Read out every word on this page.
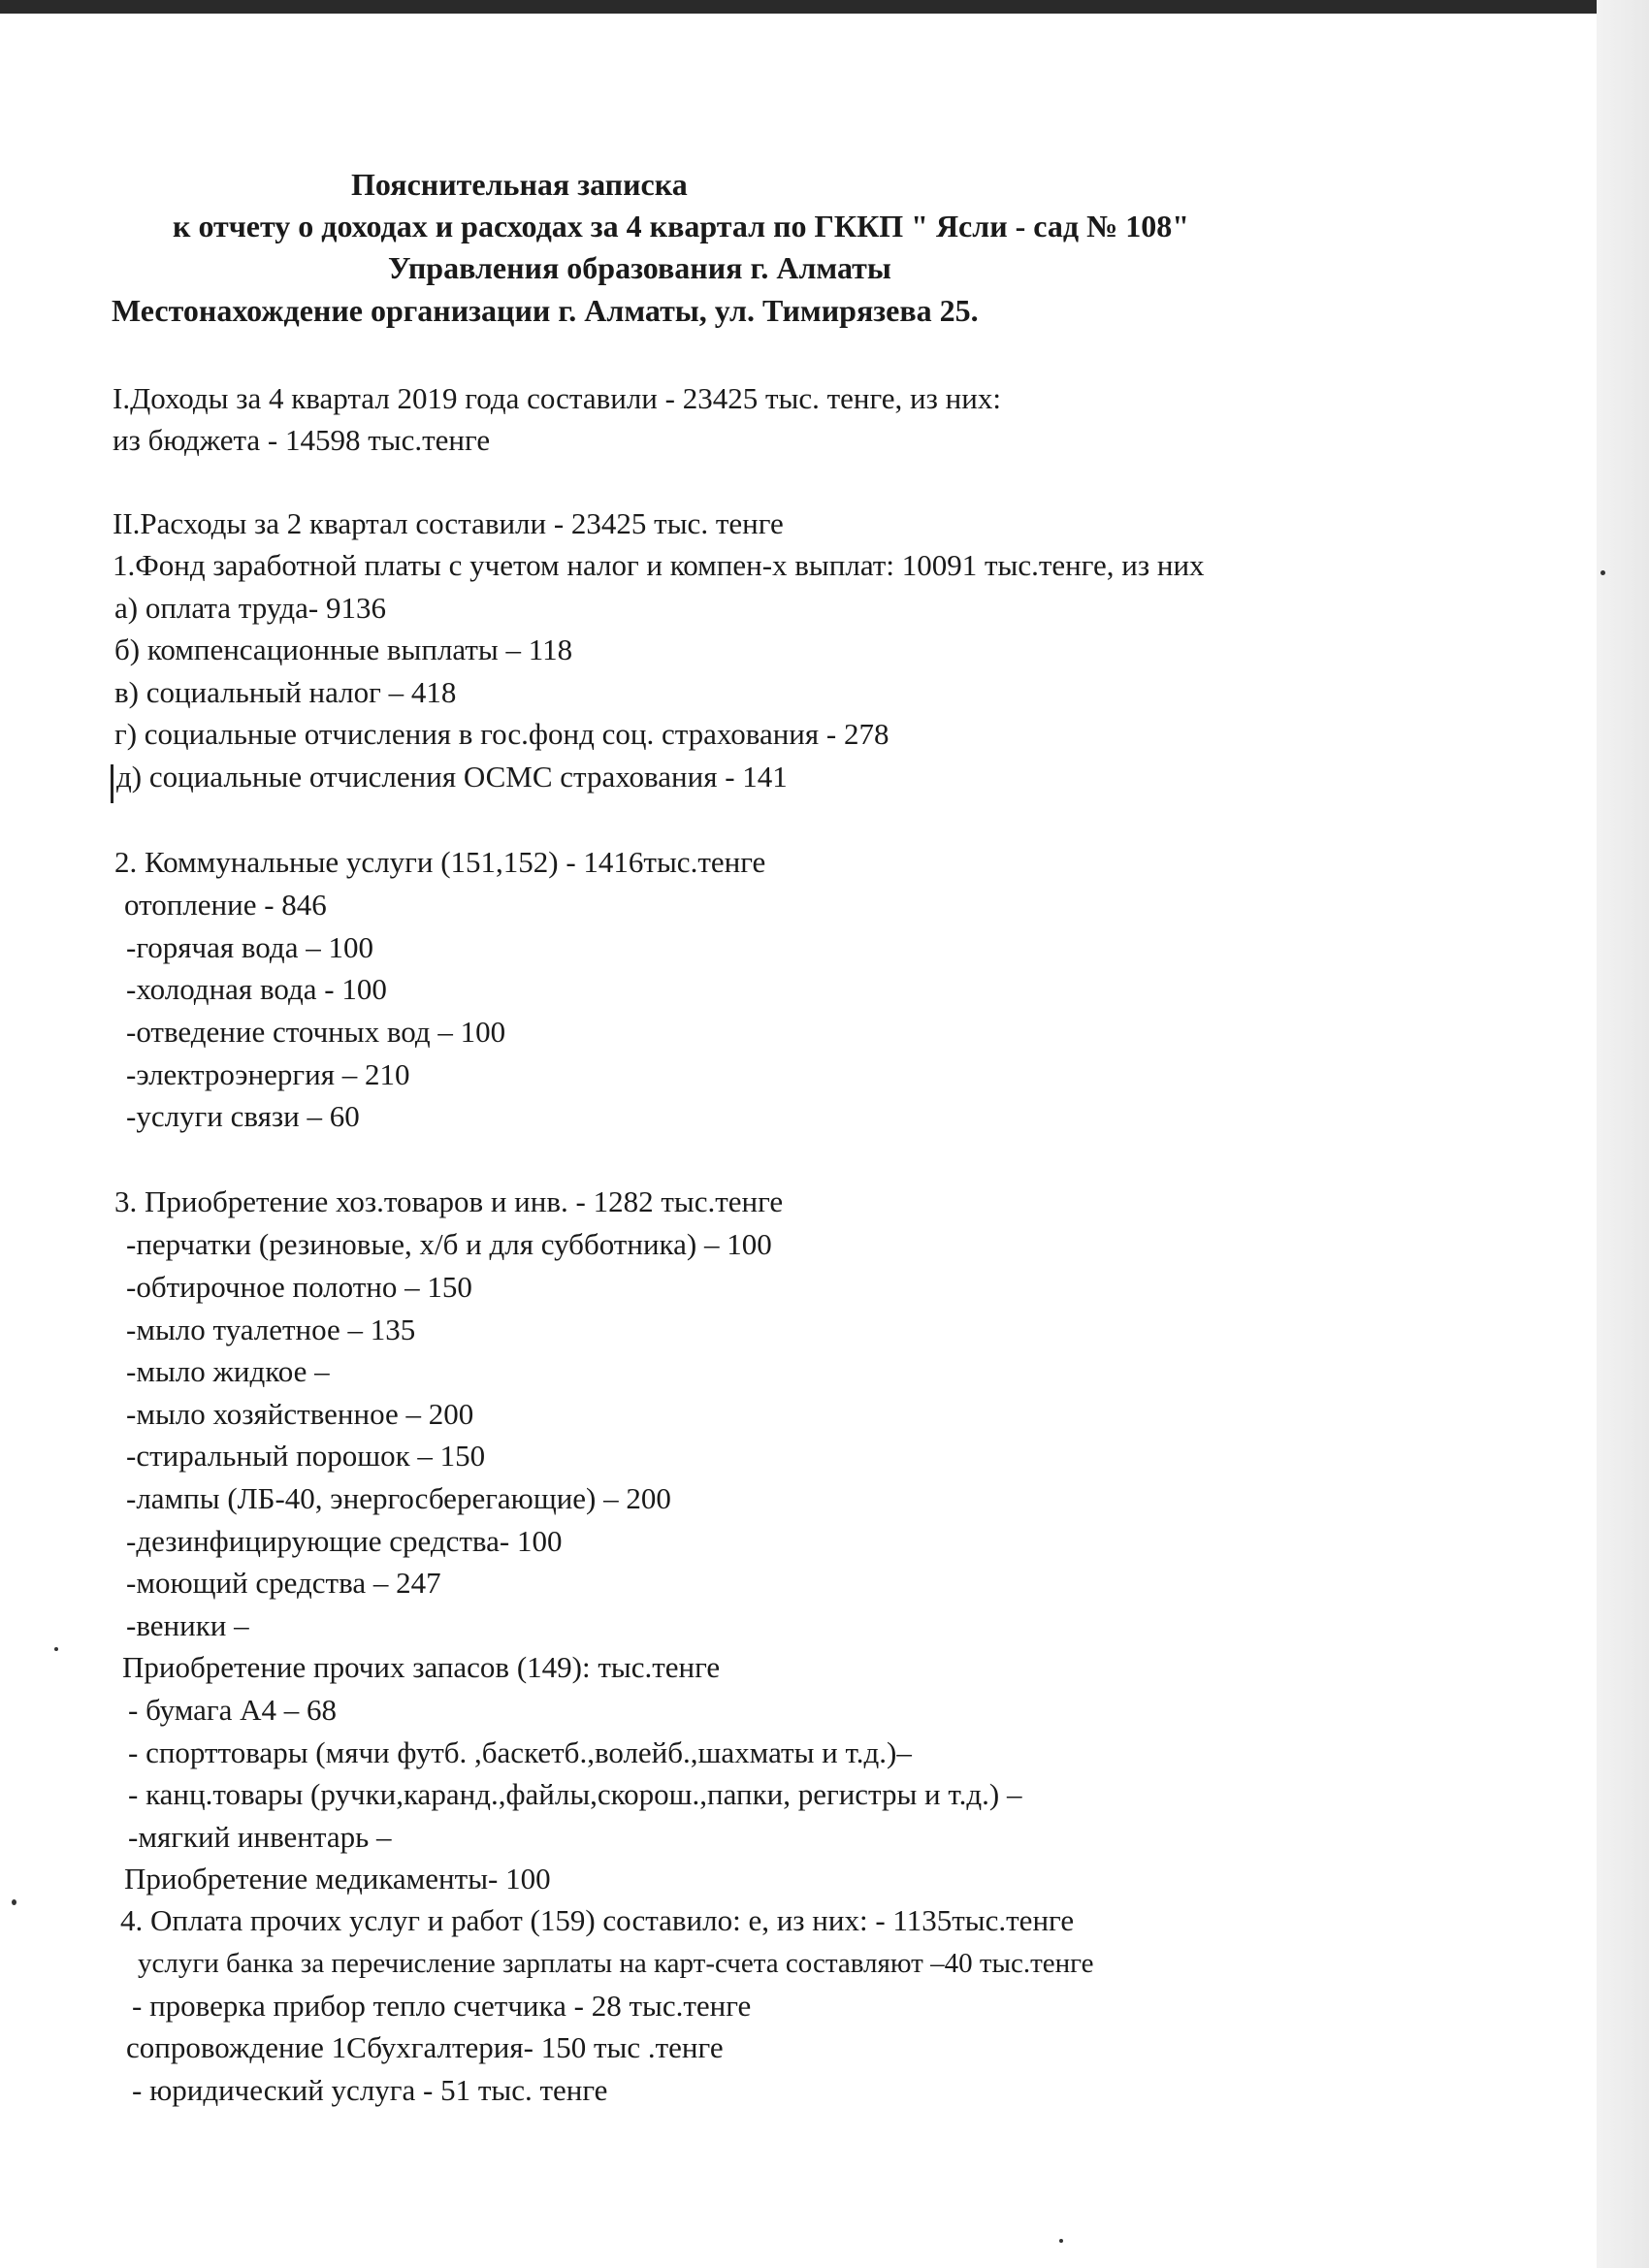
Пояснительная записка
к отчету о доходах и расходах за 4 квартал по ГККП " Ясли - сад № 108"
Управления образования г. Алматы
Местонахождение организации г. Алматы, ул. Тимирязева 25.
I.Доходы за 4 квартал 2019 года составили - 23425 тыс. тенге, из них:
из бюджета - 14598 тыс.тенге
II.Расходы за 2 квартал составили - 23425 тыс. тенге
1.Фонд заработной платы с учетом налог и компен-х выплат: 10091 тыс.тенге, из них
а) оплата труда- 9136
б) компенсационные выплаты – 118
в) социальный налог – 418
г) социальные отчисления в гос.фонд соц. страхования - 278
д) социальные отчисления ОСМС страхования - 141
2. Коммунальные услуги (151,152) - 1416тыс.тенге
отопление - 846
-горячая вода – 100
-холодная вода - 100
-отведение сточных вод – 100
-электроэнергия – 210
-услуги связи – 60
3. Приобретение хоз.товаров и инв. - 1282 тыс.тенге
-перчатки (резиновые, х/б и для субботника) – 100
-обтирочное полотно – 150
-мыло туалетное – 135
-мыло жидкое –
-мыло хозяйственное – 200
-стиральный порошок – 150
-лампы (ЛБ-40, энергосберегающие) – 200
-дезинфицирующие средства- 100
-моющий средства – 247
-веники –
Приобретение прочих запасов (149): тыс.тенге
- бумага А4 – 68
- спорттовары (мячи футб. ,баскетб.,волейб.,шахматы и т.д.)–
- канц.товары (ручки,каранд.,файлы,скорош.,папки, регистры и т.д.) –
-мягкий инвентарь –
Приобретение медикаменты- 100
4. Оплата прочих услуг и работ (159) составило: е, из них: - 1135тыс.тенге
услуги банка за перечисление зарплаты на карт-счета составляют –40 тыс.тенге
- проверка прибор тепло счетчика - 28 тыс.тенге
сопровождение 1Сбухгалтерия- 150 тыс .тенге
- юридический услуга - 51 тыс. тенге
